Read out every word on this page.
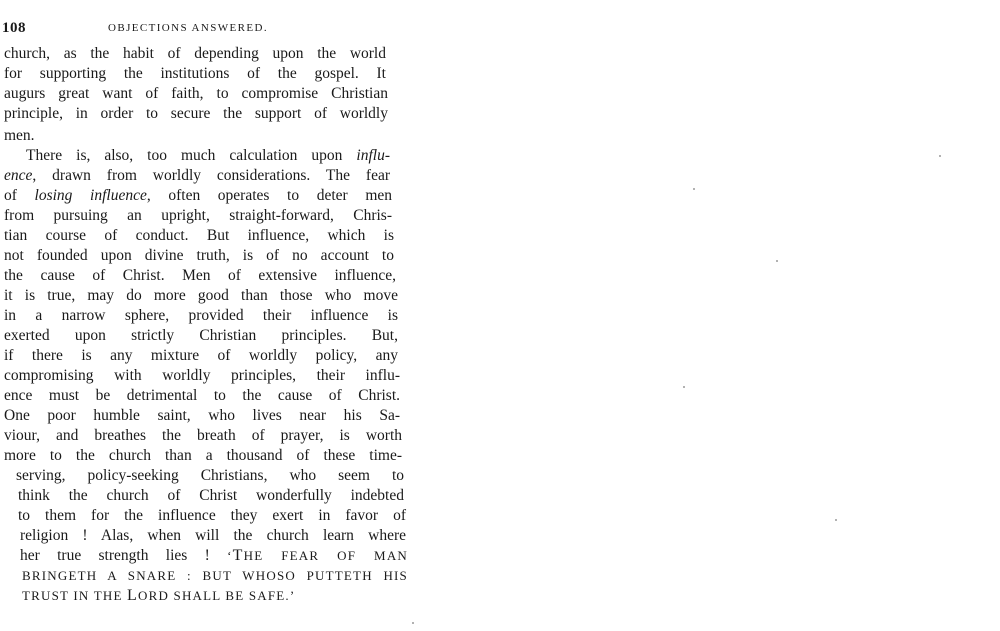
108	OBJECTIONS ANSWERED.
church, as the habit of depending upon the world
for supporting the institutions of the gospel. It
augurs great want of faith, to compromise Christian
principle, in order to secure the support of worldly
men.
There is, also, too much calculation upon influ-
ence, drawn from worldly considerations. The fear
of losing influence, often operates to deter men
from pursuing an upright, straight-forward, Chris-
tian course of conduct. But influence, which is
not founded upon divine truth, is of no account to
the cause of Christ. Men of extensive influence,
it is true, may do more good than those who move
in a narrow sphere, provided their influence is
exerted upon strictly Christian principles. But,
if there is any mixture of worldly policy, any
compromising with worldly principles, their influ-
ence must be detrimental to the cause of Christ.
One poor humble saint, who lives near his Sa-
viour, and breathes the breath of prayer, is worth
more to the church than a thousand of these time-
serving, policy-seeking Christians, who seem to
think the church of Christ wonderfully indebted
to them for the influence they exert in favor of
religion ! Alas, when will the church learn where
her true strength lies ! ‘THE FEAR OF MAN
BRINGETH A SNARE : BUT WHOSO PUTTETH HIS
TRUST IN THE LORD SHALL BE SAFE.’
